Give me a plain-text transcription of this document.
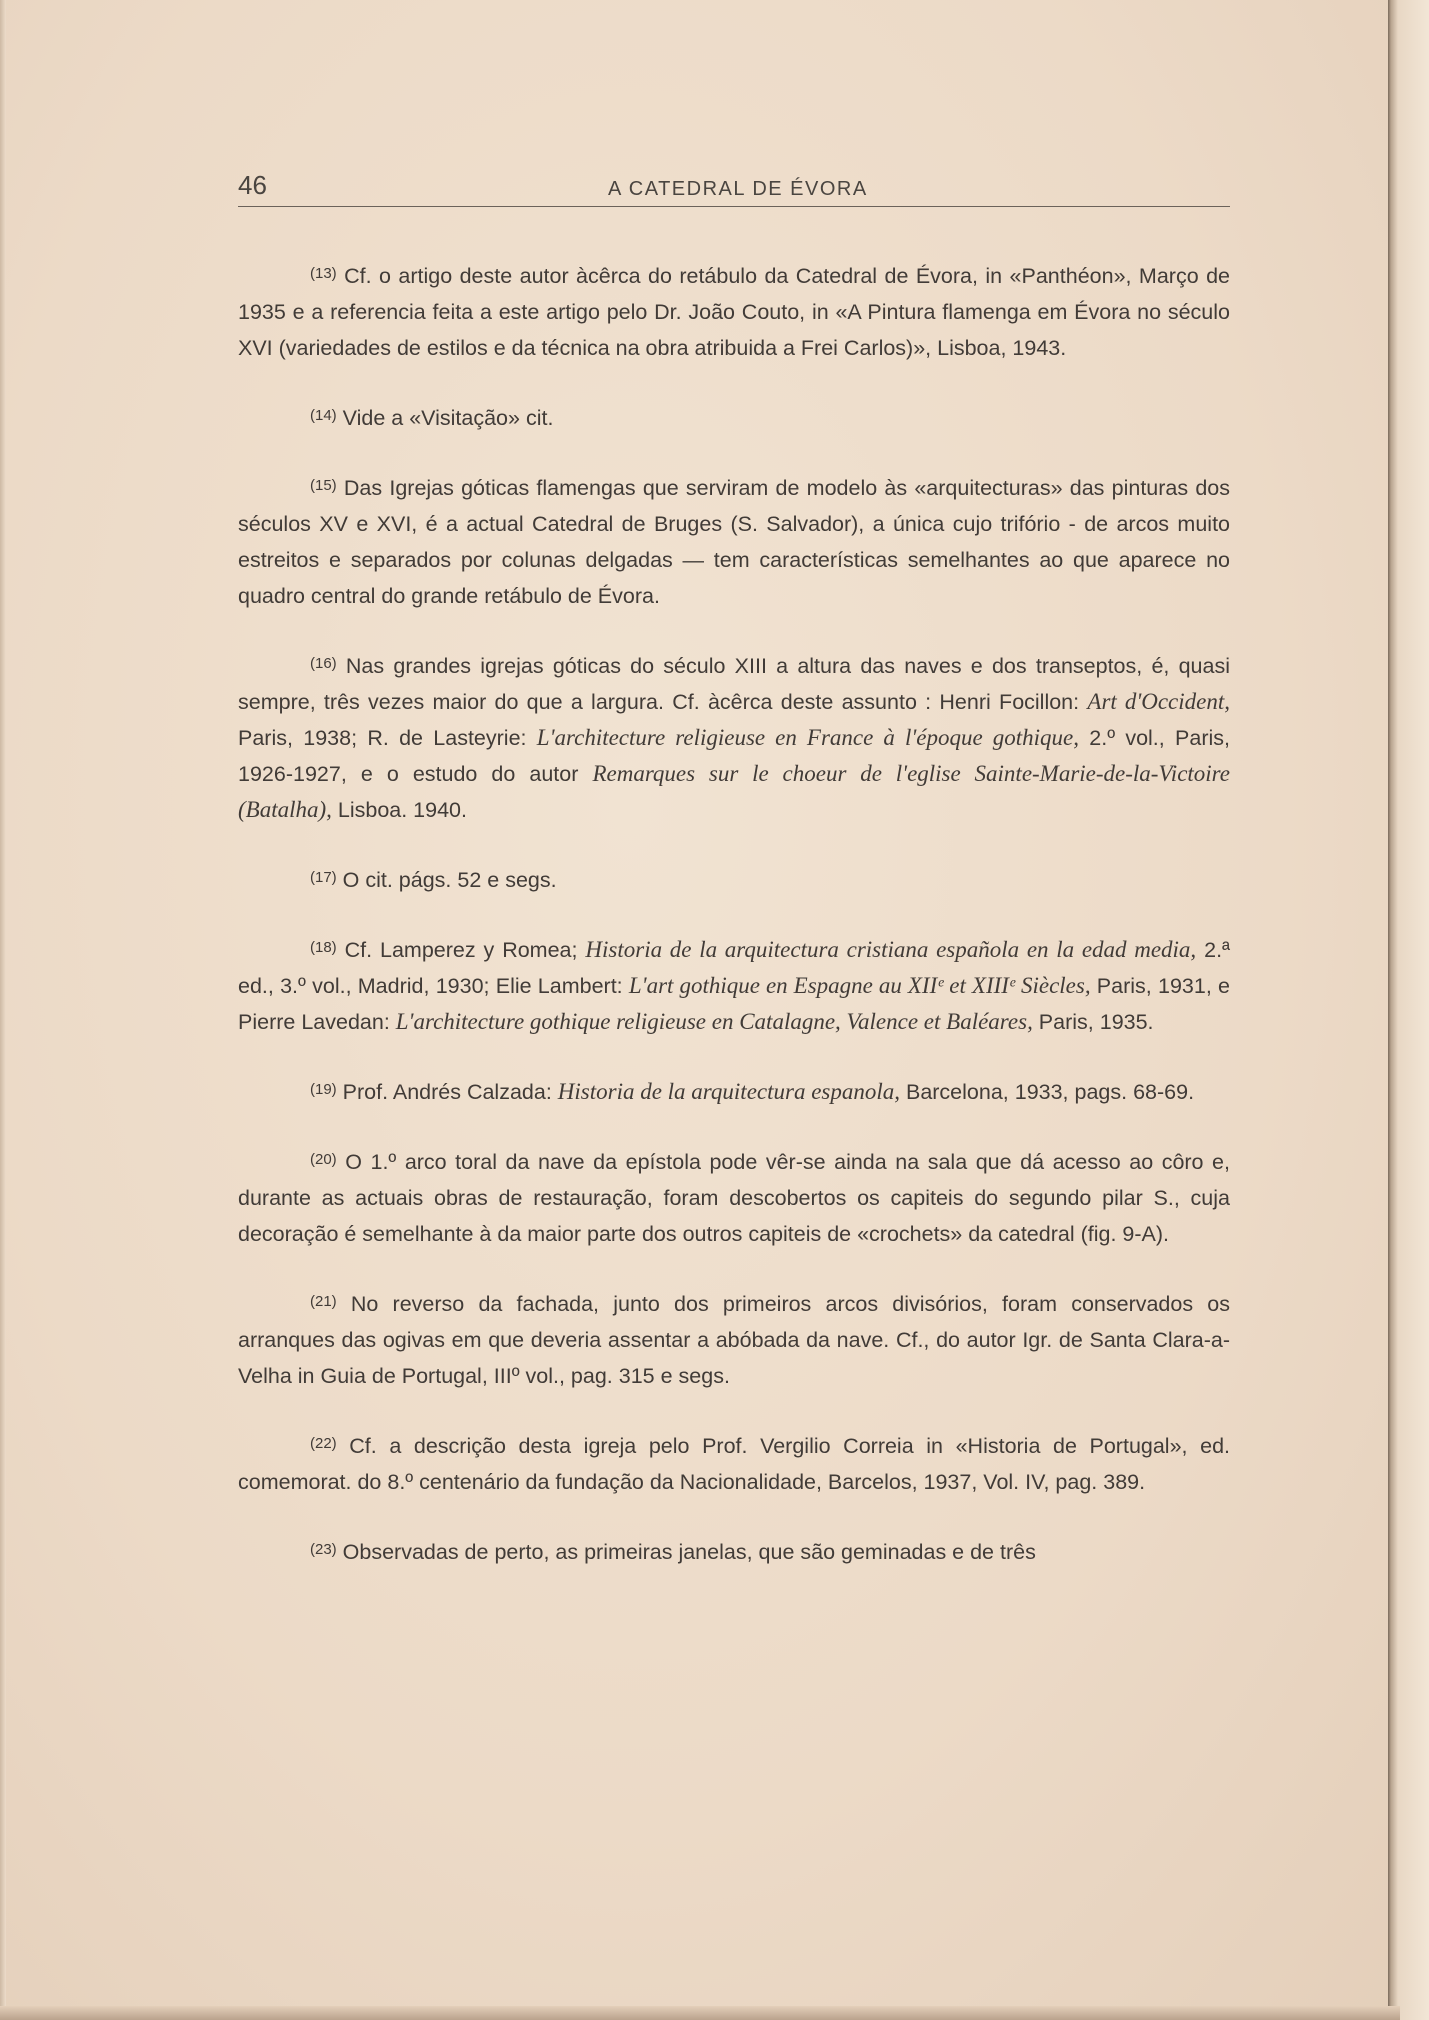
46	A CATEDRAL DE ÉVORA

$^{(13)}$ Cf. o artigo deste autor àcêrca do retábulo da Catedral de Évora, in «Panthéon», Março de 1935 e a referencia feita a este artigo pelo Dr. João Couto, in «A Pintura flamenga em Évora no século XVI (variedades de estilos e da técnica na obra atribuida a Frei Carlos)», Lisboa, 1943.

$^{(14)}$ Vide a «Visitação» cit.

$^{(15)}$ Das Igrejas góticas flamengas que serviram de modelo às «arquitecturas» das pinturas dos séculos XV e XVI, é a actual Catedral de Bruges (S. Salvador), a única cujo trifório - de arcos muito estreitos e separados por colunas delgadas — tem características semelhantes ao que aparece no quadro central do grande retábulo de Évora.

$^{(16)}$ Nas grandes igrejas góticas do século XIII a altura das naves e dos transeptos, é, quasi sempre, três vezes maior do que a largura. Cf. àcêrca deste assunto : Henri Focillon: Art d'Occident, Paris, 1938; R. de Lasteyrie: L'architecture religieuse en France à l'époque gothique, 2.º vol., Paris, 1926-1927, e o estudo do autor Remarques sur le choeur de l'eglise Sainte-Marie-de-la-Victoire (Batalha), Lisboa. 1940.

$^{(17)}$ O cit. págs. 52 e segs.

$^{(18)}$ Cf. Lamperez y Romea; Historia de la arquitectura cristiana española en la edad media, 2.ª ed., 3.º vol., Madrid, 1930; Elie Lambert: L'art gothique en Espagne au XIIᵉ et XIIIᵉ Siècles, Paris, 1931, e Pierre Lavedan: L'architecture gothique religieuse en Catalagne, Valence et Baléares, Paris, 1935.

$^{(19)}$ Prof. Andrés Calzada: Historia de la arquitectura espanola, Barcelona, 1933, pags. 68-69.

$^{(20)}$ O 1.º arco toral da nave da epístola pode vêr-se ainda na sala que dá acesso ao côro e, durante as actuais obras de restauração, foram descobertos os capiteis do segundo pilar S., cuja decoração é semelhante à da maior parte dos outros capiteis de «crochets» da catedral (fig. 9-A).

$^{(21)}$ No reverso da fachada, junto dos primeiros arcos divisórios, foram conservados os arranques das ogivas em que deveria assentar a abóbada da nave. Cf., do autor Igr. de Santa Clara-a-Velha in Guia de Portugal, IIIº vol., pag. 315 e segs.

$^{(22)}$ Cf. a descrição desta igreja pelo Prof. Vergilio Correia in «Historia de Portugal», ed. comemorat. do 8.º centenário da fundação da Nacionalidade, Barcelos, 1937, Vol. IV, pag. 389.

$^{(23)}$ Observadas de perto, as primeiras janelas, que são geminadas e de três
